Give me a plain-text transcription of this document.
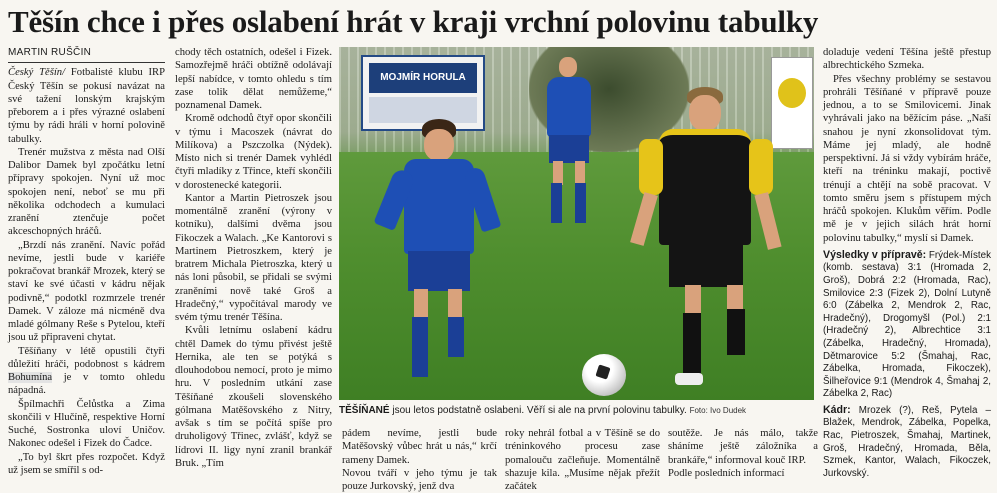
Těšín chce i přes oslabení hrát v kraji vrchní polovinu tabulky
MARTIN RUŠČIN

Český Těšín/ Fotbalisté klubu IRP Český Těšín se pokusí navázat na své tažení lonským krajským přeborem a i přes výrazné oslabení týmu by rádi hráli v horní polovině tabulky.

Trenér mužstva z města nad Olší Dalibor Damek byl zpočátku letní přípravy spokojen. Nyní už moc spokojen není, neboť se mu při několika odchodech a kumulaci zranění ztenčuje počet akceschopných hráčů.

„Brzdí nás zranění. Navíc pořád nevíme, jestli bude v kariéře pokračovat brankář Mrozek, který se staví ke své účasti v kádru nějak podivně,“ podotkl rozmrzele trenér Damek. V záloze má nicméně dva mladé gólmany Reše s Pytelou, kteří jsou už připraveni chytat.

Těšíňany v létě opustili čtyři důležití hráči, podobnost s kádrem Bohumína je v tomto ohledu nápadná.

Špílmachři Čelůstka a Zima skončili v Hlučíně, respektive Horní Suché, Sostronka uloví Uničov. Nakonec odešel i Fizek do Čadce.

„To byl škrt přes rozpočet. Když už jsem se smířil s od-

chody těch ostatních, odešel i Fizek. Samozřejmě hráči obtížně odolávají lepší nabídce, v tomto ohledu s tím zase tolik dělat nemůžeme,“ poznamenal Damek.

Kromě odchodů čtyř opor skončili v týmu i Macoszek (návrat do Milíkova) a Pszczolka (Nýdek). Místo nich si trenér Damek vyhlédl čtyři mladíky z Třince, kteří skončili v dorostenecké kategorii.

Kantor a Martin Pietroszek jsou momentálně zranění (výrony v kotníku), dalšími dvěma jsou Fikoczek a Walach. „Ke Kantorovi s Martinem Pietroszkem, který je bratrem Michala Pietroszka, který u nás loni působil, se přidali se svými zraněními nově také Groš a Hradečný,“ vypočítával marody ve svém týmu trenér Těšína.

Kvůli letnímu oslabení kádru chtěl Damek do týmu přivést ještě Hernika, ale ten se potýká s dlouhodobou nemocí, proto je mimo hru. V posledním utkání zase Těšíňané zkoušeli slovenského gólmana Matěšovského z Nitry, avšak s tím se počítá spíše pro druholigový Třinec, zvlášť, když se lídrovi II. ligy nyní zranil brankář Bruk. „Tím

MOJMÍR HORULA
TĚŠÍŇANÉ jsou letos podstatně oslabeni. Věří si ale na první polovinu tabulky. Foto: Ivo Dudek
pádem nevíme, jestli bude Matěšovský vůbec hrát u nás,“ krčí rameny Damek.
Novou tváří v jeho týmu je tak pouze Jurkovský, jenž dva
roky nehrál fotbal a v Těšíně se do tréninkového procesu zase pomalouču začleňuje. Momentálně shazuje kila. „Musíme nějak přežít začátek
soutěže. Je nás málo, takže sháníme ještě záložníka a brankáře,“ informoval kouč IRP.
Podle posledních informací

doladuje vedení Těšína ještě přestup albrechtického Szmeka.

Přes všechny problémy se sestavou prohráli Těšíňané v přípravě pouze jednou, a to se Smilovicemi. Jinak vyhrávali jako na běžícím páse. „Naší snahou je nyní zkonsolidovat tým. Máme jej mladý, ale hodně perspektivní. Já si vždy vybírám hráče, kteří na tréninku makají, poctivě trénují a chtějí na sobě pracovat. V tomto směru jsem s přístupem mých hráčů spokojen. Klukům věřím. Podle mě je v jejich silách hrát horní polovinu tabulky,“ myslí si Damek.

Výsledky v přípravě: Frýdek-Místek (komb. sestava) 3:1 (Hromada 2, Groš), Dobrá 2:2 (Hromada, Rac), Smilovice 2:3 (Fizek 2), Dolní Lutyně 6:0 (Zábelka 2, Mendrok 2, Rac, Hradečný), Drogomyšl (Pol.) 2:1 (Hradečný 2), Albrechtice 3:1 (Zábelka, Hradečný, Hromada), Dětmarovice 5:2 (Šmahaj, Rac, Zábelka, Hromada, Fikoczek), Šilheřovice 9:1 (Mendrok 4, Šmahaj 2, Zábelka 2, Rac)

Kádr: Mrozek (?), Reš, Pytela – Blažek, Mendrok, Zábelka, Popelka, Rac, Pietroszek, Šmahaj, Martinek, Groš, Hradečný, Hromada, Běla, Szmek, Kantor, Walach, Fikoczek, Jurkovský.
